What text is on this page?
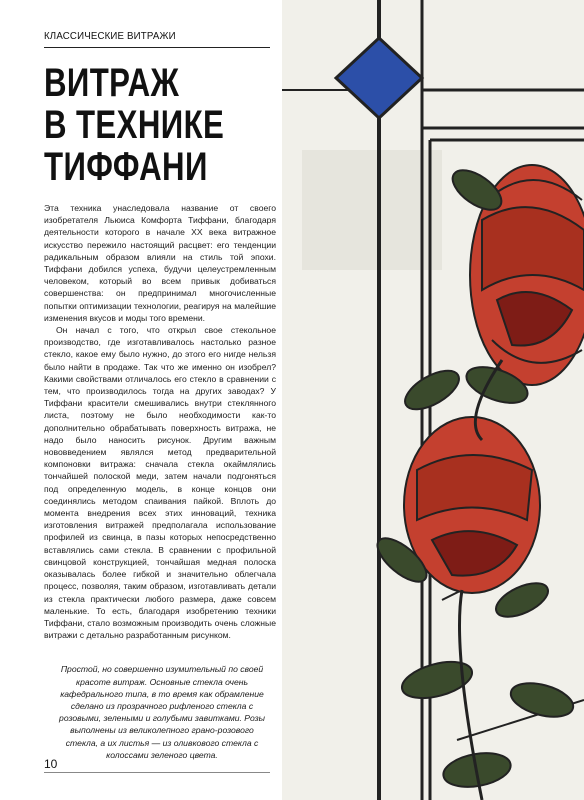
КЛАССИЧЕСКИЕ ВИТРАЖИ
ВИТРАЖ
В ТЕХНИКЕ
ТИФФАНИ

Эта техника унаследовала название от своего изобретателя Льюиса Комфорта Тиффани, благодаря деятельности которого в начале XX века витражное искусство пережило настоящий расцвет: его тенденции радикальным образом влияли на стиль той эпохи. Тиффани добился успеха, будучи целеустремленным человеком, который во всем привык добиваться совершенства: он предпринимал многочисленные попытки оптимизации технологии, реагируя на малейшие изменения вкусов и моды того времени.

Он начал с того, что открыл свое стекольное производство, где изготавливалось настолько разное стекло, какое ему было нужно, до этого его нигде нельзя было найти в продаже. Так что же именно он изобрел? Какими свойствами отличалось его стекло в сравнении с тем, что производилось тогда на других заводах? У Тиффани красители смешивались внутри стеклянного листа, поэтому не было необходимости как-то дополнительно обрабатывать поверхность витража, не надо было наносить рисунок. Другим важным нововведением являлся метод предварительной компоновки витража: сначала стекла окаймлялись тончайшей полоской меди, затем начали подгоняться под определенную модель, в конце концов они соединялись методом спаивания пайкой. Вплоть до момента внедрения всех этих инноваций, техника изготовления витражей предполагала использование профилей из свинца, в пазы которых непосредственно вставлялись сами стекла. В сравнении с профильной свинцовой конструкцией, тончайшая медная полоска оказывалась более гибкой и значительно облегчала процесс, позволяя, таким образом, изготавливать детали из стекла практически любого размера, даже совсем маленькие. То есть, благодаря изобретению техники Тиффани, стало возможным производить очень сложные витражи с детально разработанным рисунком.

Простой, но совершенно изумительный по своей красоте витраж. Основные стекла очень кафедрального типа, в то время как обрамление сделано из прозрачного рифленого стекла с розовыми, зелеными и голубыми завитками. Розы выполнены из великолепного грано-розового стекла, а их листья — из оливкового стекла с колоссами зеленого цвета.

10
